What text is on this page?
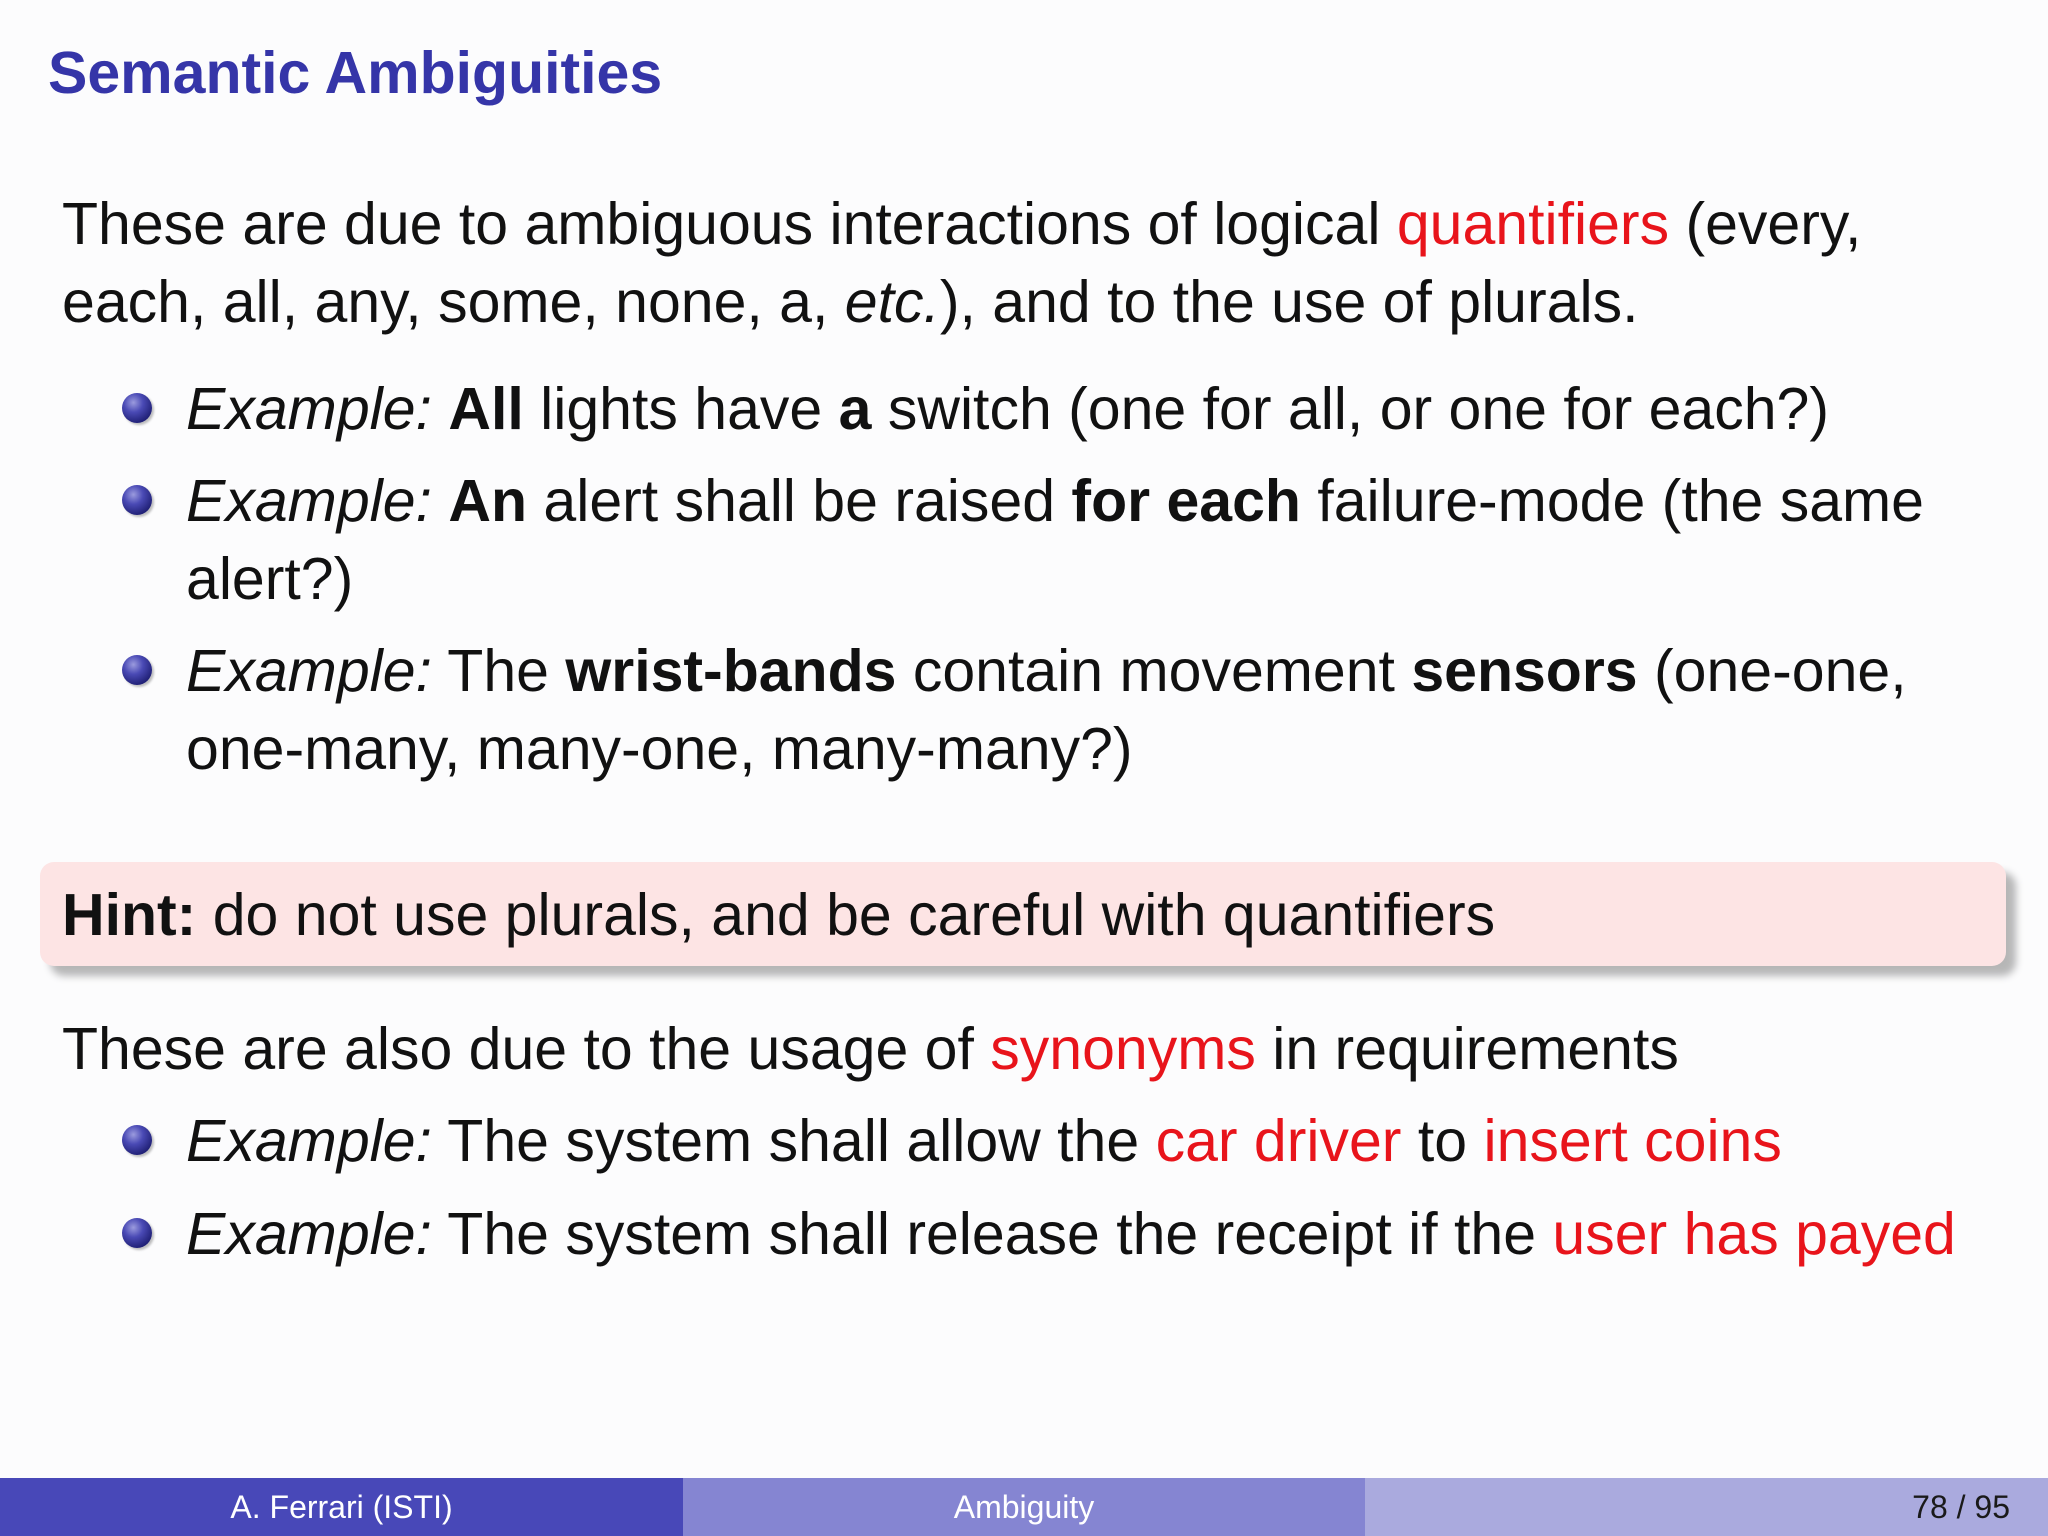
Semantic Ambiguities

These are due to ambiguous interactions of logical quantifiers (every, each, all, any, some, none, a, etc.), and to the use of plurals.

Example: All lights have a switch (one for all, or one for each?)
Example: An alert shall be raised for each failure-mode (the same alert?)
Example: The wrist-bands contain movement sensors (one-one, one-many, many-one, many-many?)

Hint: do not use plurals, and be careful with quantifiers

These are also due to the usage of synonyms in requirements

Example: The system shall allow the car driver to insert coins
Example: The system shall release the receipt if the user has payed
A. Ferrari (ISTI)	Ambiguity	78 / 95
